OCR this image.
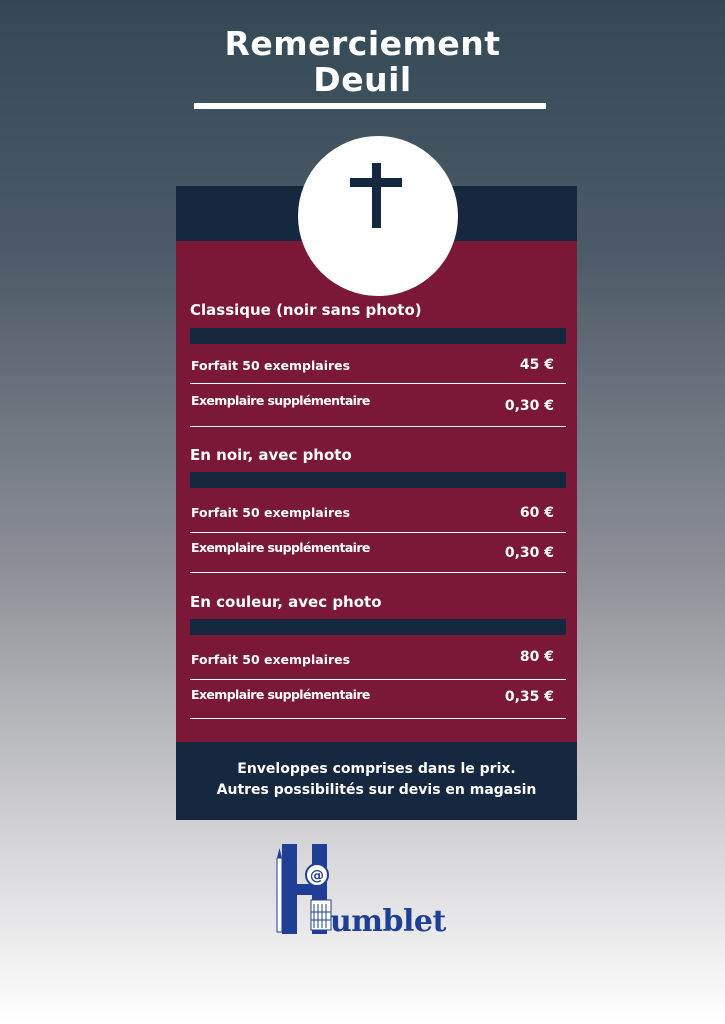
Remerciement
Deuil
Classique (noir sans photo)
Forfait 50 exemplaires	45 €
Exemplaire supplémentaire	0,30 €
En noir, avec photo
Forfait 50 exemplaires	60 €
Exemplaire supplémentaire	0,30 €
En couleur, avec photo
Forfait 50 exemplaires	80 €
Exemplaire supplémentaire	0,35 €
Enveloppes comprises dans le prix.
Autres possibilités sur devis en magasin
@
umblet
